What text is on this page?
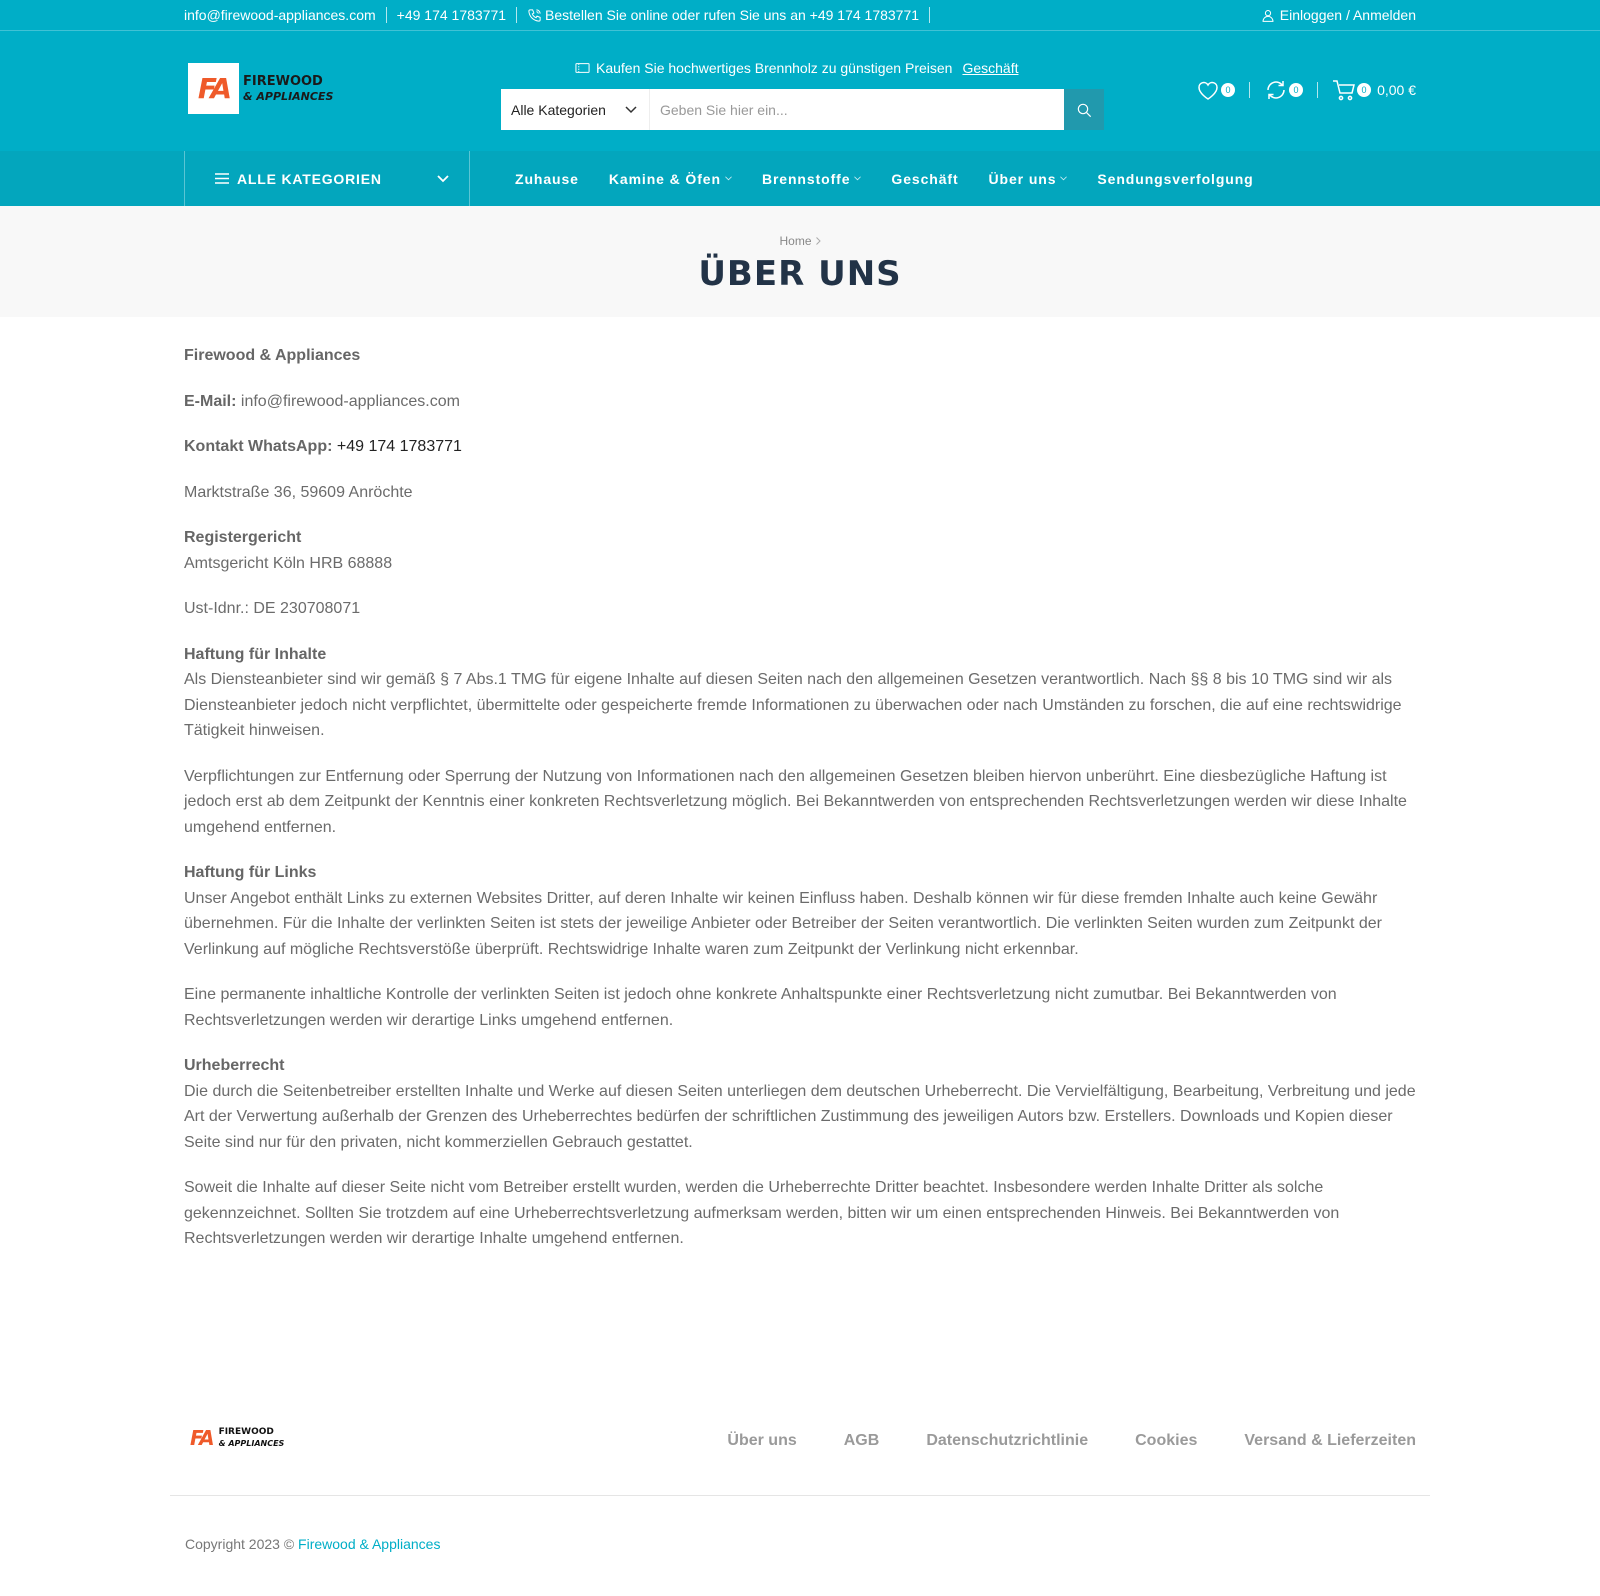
info@firewood-appliances.com +49 174 1783771	Bestellen Sie online oder rufen Sie uns an +49 174 1783771	Einloggen / Anmelden
FA FIREWOOD
& APPLIANCES
Kaufen Sie hochwertiges Brennholz zu günstigen Preisen Geschäft
Alle Kategorien	Geben Sie hier ein...
0	0	0 0,00 €
ALLE KATEGORIEN	Zuhause Kamine & Öfen	Brennstoffe	Geschäft Über uns	Sendungsverfolgung
Home
ÜBER UNS

Firewood & Appliances

E-Mail: info@firewood-appliances.com

Kontakt WhatsApp: +49 174 1783771

Marktstraße 36, 59609 Anröchte

Registergericht
Amtsgericht Köln HRB 68888

Ust-Idnr.: DE 230708071

Haftung für Inhalte
Als Diensteanbieter sind wir gemäß § 7 Abs.1 TMG für eigene Inhalte auf diesen Seiten nach den allgemeinen Gesetzen verantwortlich. Nach §§ 8 bis 10 TMG sind wir als Diensteanbieter jedoch nicht verpflichtet, übermittelte oder gespeicherte fremde Informationen zu überwachen oder nach Umständen zu forschen, die auf eine rechtswidrige Tätigkeit hinweisen.

Verpflichtungen zur Entfernung oder Sperrung der Nutzung von Informationen nach den allgemeinen Gesetzen bleiben hiervon unberührt. Eine diesbezügliche Haftung ist jedoch erst ab dem Zeitpunkt der Kenntnis einer konkreten Rechtsverletzung möglich. Bei Bekanntwerden von entsprechenden Rechtsverletzungen werden wir diese Inhalte umgehend entfernen.

Haftung für Links
Unser Angebot enthält Links zu externen Websites Dritter, auf deren Inhalte wir keinen Einfluss haben. Deshalb können wir für diese fremden Inhalte auch keine Gewähr übernehmen. Für die Inhalte der verlinkten Seiten ist stets der jeweilige Anbieter oder Betreiber der Seiten verantwortlich. Die verlinkten Seiten wurden zum Zeitpunkt der Verlinkung auf mögliche Rechtsverstöße überprüft. Rechtswidrige Inhalte waren zum Zeitpunkt der Verlinkung nicht erkennbar.

Eine permanente inhaltliche Kontrolle der verlinkten Seiten ist jedoch ohne konkrete Anhaltspunkte einer Rechtsverletzung nicht zumutbar. Bei Bekanntwerden von Rechtsverletzungen werden wir derartige Links umgehend entfernen.

Urheberrecht
Die durch die Seitenbetreiber erstellten Inhalte und Werke auf diesen Seiten unterliegen dem deutschen Urheberrecht. Die Vervielfältigung, Bearbeitung, Verbreitung und jede Art der Verwertung außerhalb der Grenzen des Urheberrechtes bedürfen der schriftlichen Zustimmung des jeweiligen Autors bzw. Erstellers. Downloads und Kopien dieser Seite sind nur für den privaten, nicht kommerziellen Gebrauch gestattet.

Soweit die Inhalte auf dieser Seite nicht vom Betreiber erstellt wurden, werden die Urheberrechte Dritter beachtet. Insbesondere werden Inhalte Dritter als solche gekennzeichnet. Sollten Sie trotzdem auf eine Urheberrechtsverletzung aufmerksam werden, bitten wir um einen entsprechenden Hinweis. Bei Bekanntwerden von Rechtsverletzungen werden wir derartige Inhalte umgehend entfernen.

FA FIREWOOD
& APPLIANCES	Über uns	AGB	Datenschutzrichtlinie	Cookies	Versand & Lieferzeiten
Copyright 2023 © Firewood & Appliances
